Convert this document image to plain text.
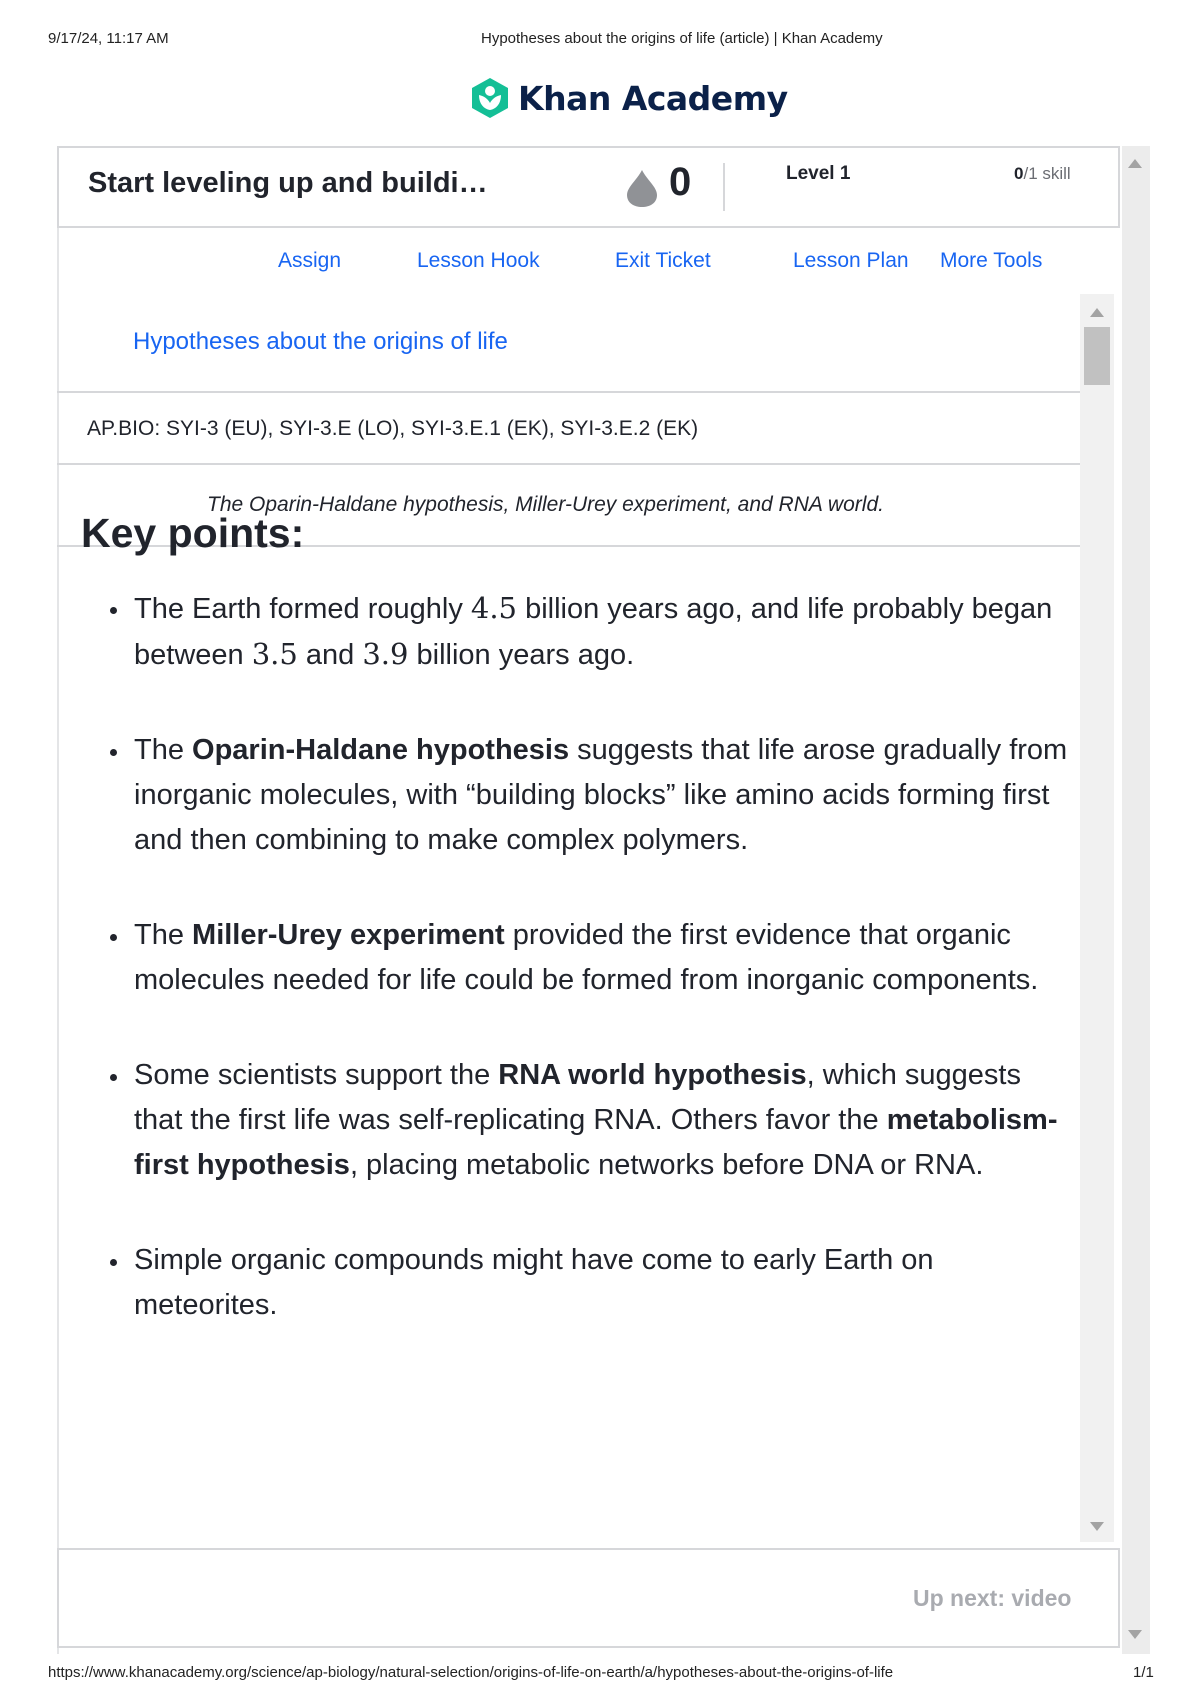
9/17/24, 11:17 AM	Hypotheses about the origins of life (article) | Khan Academy
Khan Academy
Start leveling up and buildi…	0	Level 1	0/1 skill
Assign	Lesson Hook	Exit Ticket	Lesson Plan More Tools
Hypotheses about the origins of life
AP.BIO: SYI‑3 (EU), SYI‑3.E (LO), SYI‑3.E.1 (EK), SYI‑3.E.2 (EK)
The Oparin-Haldane hypothesis, Miller-Urey experiment, and RNA world.
Key points:
The Earth formed roughly 4.5 billion years ago, and life probably began between 3.5 and 3.9 billion years ago.
The Oparin-Haldane hypothesis suggests that life arose gradually from inorganic molecules, with “building blocks” like amino acids forming first and then combining to make complex polymers.
The Miller-Urey experiment provided the first evidence that organic molecules needed for life could be formed from inorganic components.
Some scientists support the RNA world hypothesis, which suggests that the first life was self-replicating RNA. Others favor the metabolism-first hypothesis, placing metabolic networks before DNA or RNA.
Simple organic compounds might have come to early Earth on meteorites.
Up next: video
https://www.khanacademy.org/science/ap-biology/natural-selection/origins-of-life-on-earth/a/hypotheses-about-the-origins-of-life	1/1
